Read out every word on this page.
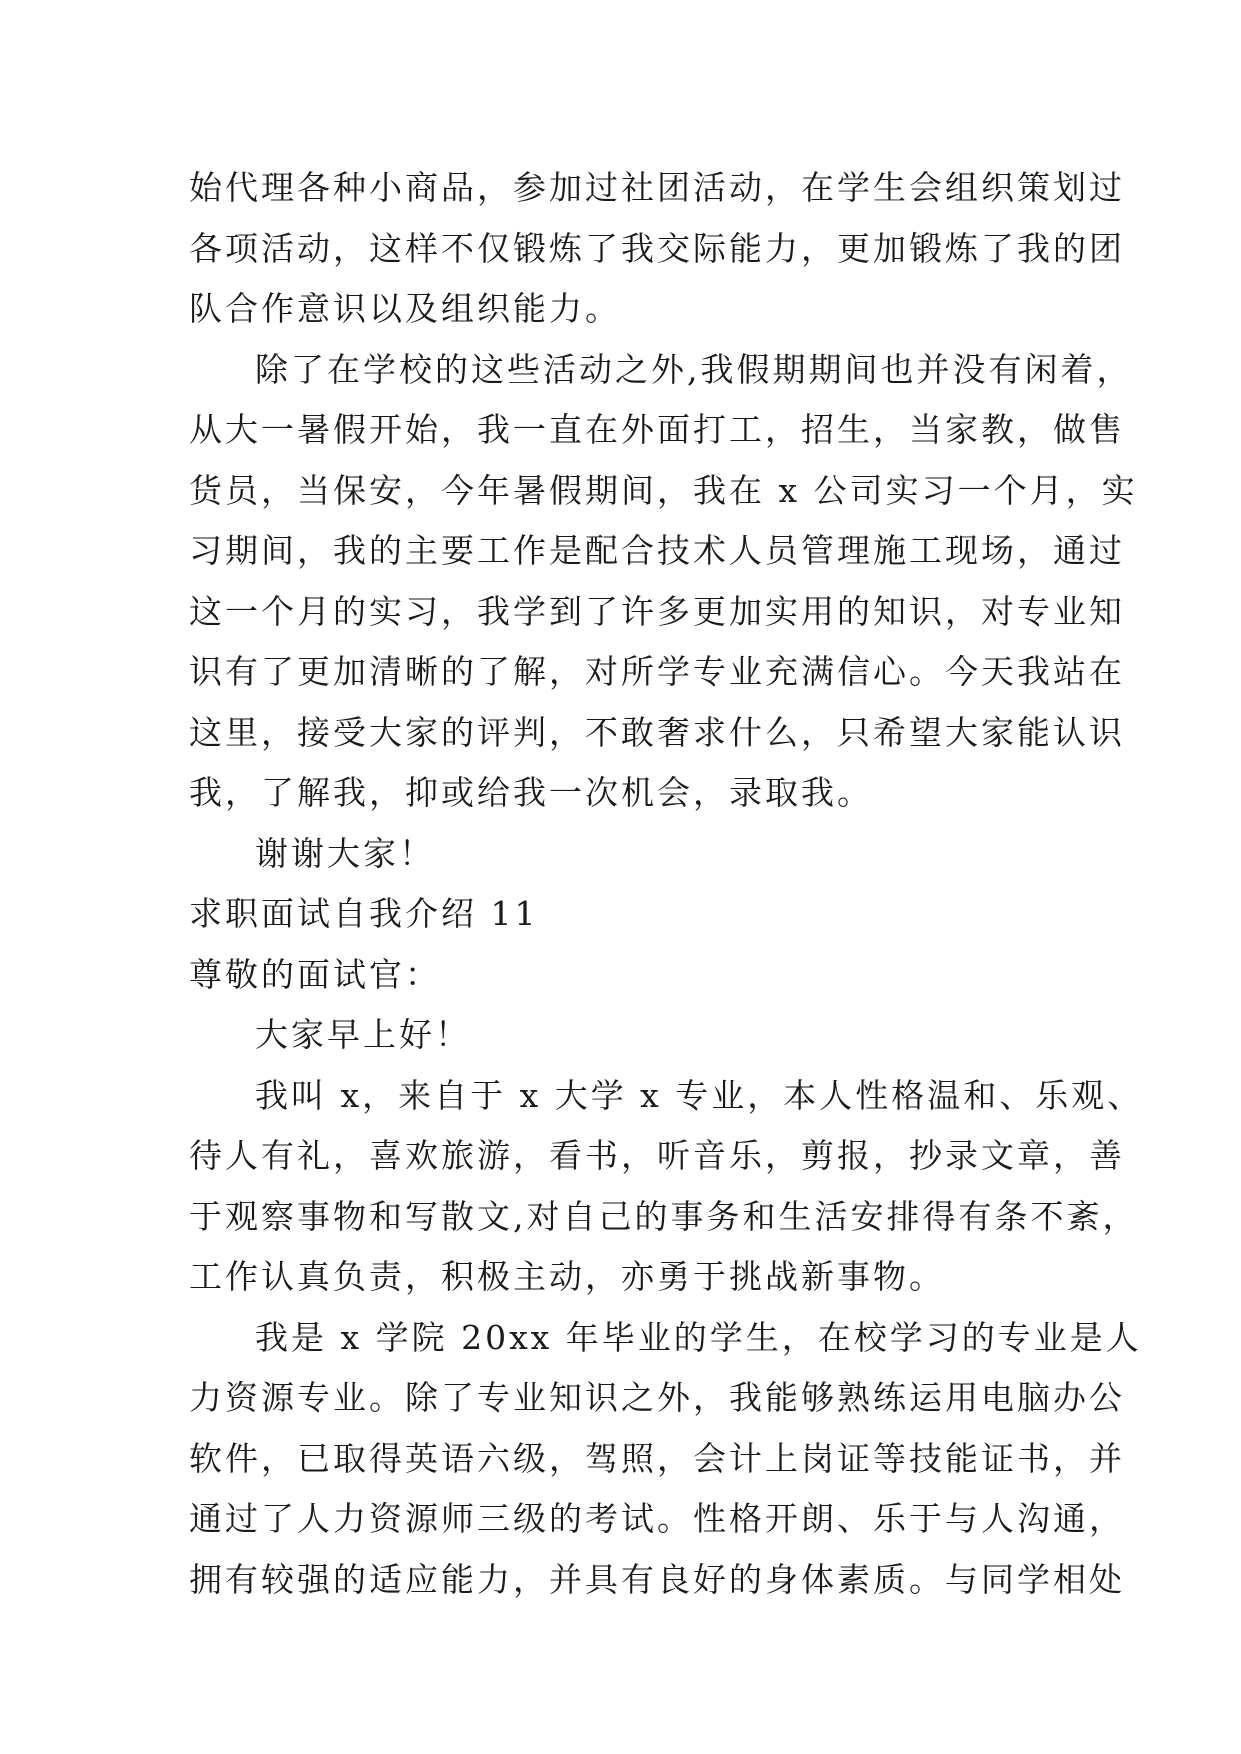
始代理各种小商品，参加过社团活动，在学生会组织策划过
各项活动，这样不仅锻炼了我交际能力，更加锻炼了我的团
队合作意识以及组织能力。
除了在学校的这些活动之外,我假期期间也并没有闲着，
从大一暑假开始，我一直在外面打工，招生，当家教，做售
货员，当保安，今年暑假期间，我在 x 公司实习一个月，实
习期间，我的主要工作是配合技术人员管理施工现场，通过
这一个月的实习，我学到了许多更加实用的知识，对专业知
识有了更加清晰的了解，对所学专业充满信心。今天我站在
这里，接受大家的评判，不敢奢求什么，只希望大家能认识
我，了解我，抑或给我一次机会，录取我。
谢谢大家！
求职面试自我介绍 11
尊敬的面试官：
大家早上好！
我叫 x，来自于 x 大学 x 专业，本人性格温和、乐观、
待人有礼，喜欢旅游，看书，听音乐，剪报，抄录文章，善
于观察事物和写散文,对自己的事务和生活安排得有条不紊，
工作认真负责，积极主动，亦勇于挑战新事物。
我是 x 学院 20xx 年毕业的学生，在校学习的专业是人
力资源专业。除了专业知识之外，我能够熟练运用电脑办公
软件，已取得英语六级，驾照，会计上岗证等技能证书，并
通过了人力资源师三级的考试。性格开朗、乐于与人沟通，
拥有较强的适应能力，并具有良好的身体素质。与同学相处
